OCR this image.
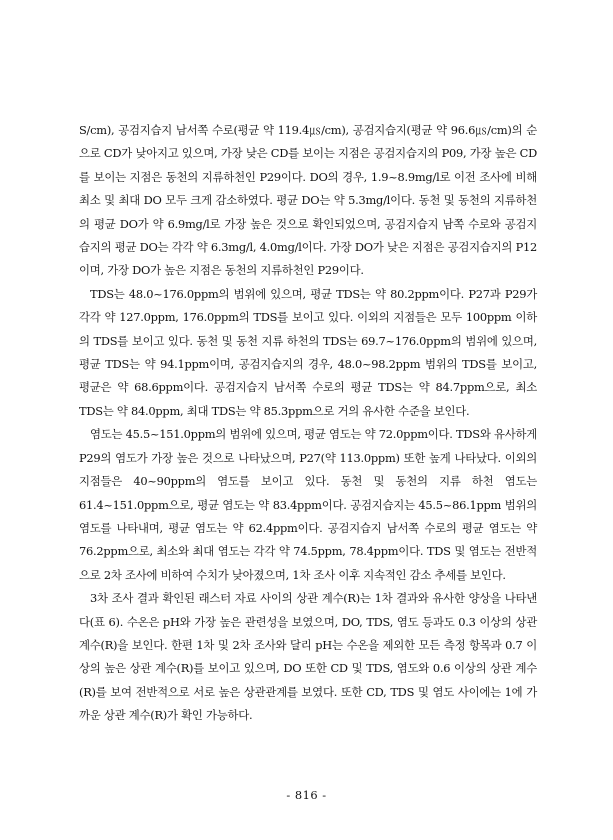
S/cm), 공검지습지 남서쪽 수로(평균 약 119.4㎲/cm), 공검지습지(평균 약 96.6㎲/cm)의 순으로 CD가 낮아지고 있으며, 가장 낮은 CD를 보이는 지점은 공검지습지의 P09, 가장 높은 CD를 보이는 지점은 동천의 지류하천인 P29이다. DO의 경우, 1.9~8.9mg/l로 이전 조사에 비해 최소 및 최대 DO 모두 크게 감소하였다. 평균 DO는 약 5.3mg/l이다. 동천 및 동천의 지류하천의 평균 DO가 약 6.9mg/l로 가장 높은 것으로 확인되었으며, 공검지습지 남쪽 수로와 공검지습지의 평균 DO는 각각 약 6.3mg/l, 4.0mg/l이다. 가장 DO가 낮은 지점은 공검지습지의 P12이며, 가장 DO가 높은 지점은 동천의 지류하천인 P29이다.

TDS는 48.0~176.0ppm의 범위에 있으며, 평균 TDS는 약 80.2ppm이다. P27과 P29가 각각 약 127.0ppm, 176.0ppm의 TDS를 보이고 있다. 이외의 지점들은 모두 100ppm 이하의 TDS를 보이고 있다. 동천 및 동천 지류 하천의 TDS는 69.7~176.0ppm의 범위에 있으며, 평균 TDS는 약 94.1ppm이며, 공검지습지의 경우, 48.0~98.2ppm 범위의 TDS를 보이고, 평균은 약 68.6ppm이다. 공검지습지 남서쪽 수로의 평균 TDS는 약 84.7ppm으로, 최소 TDS는 약 84.0ppm, 최대 TDS는 약 85.3ppm으로 거의 유사한 수준을 보인다.

염도는 45.5~151.0ppm의 범위에 있으며, 평균 염도는 약 72.0ppm이다. TDS와 유사하게 P29의 염도가 가장 높은 것으로 나타났으며, P27(약 113.0ppm) 또한 높게 나타났다. 이외의 지점들은 40~90ppm의 염도를 보이고 있다. 동천 및 동천의 지류 하천 염도는 61.4~151.0ppm으로, 평균 염도는 약 83.4ppm이다. 공검지습지는 45.5~86.1ppm 범위의 염도를 나타내며, 평균 염도는 약 62.4ppm이다. 공검지습지 남서쪽 수로의 평균 염도는 약 76.2ppm으로, 최소와 최대 염도는 각각 약 74.5ppm, 78.4ppm이다. TDS 및 염도는 전반적으로 2차 조사에 비하여 수치가 낮아졌으며, 1차 조사 이후 지속적인 감소 추세를 보인다.

3차 조사 결과 확인된 래스터 자료 사이의 상관 계수(R)는 1차 결과와 유사한 양상을 나타낸다(표 6). 수온은 pH와 가장 높은 관련성을 보였으며, DO, TDS, 염도 등과도 0.3 이상의 상관 계수(R)을 보인다. 한편 1차 및 2차 조사와 달리 pH는 수온을 제외한 모든 측정 항목과 0.7 이상의 높은 상관 계수(R)를 보이고 있으며, DO 또한 CD 및 TDS, 염도와 0.6 이상의 상관 계수(R)를 보여 전반적으로 서로 높은 상관관계를 보였다. 또한 CD, TDS 및 염도 사이에는 1에 가까운 상관 계수(R)가 확인 가능하다.

- 816 -
